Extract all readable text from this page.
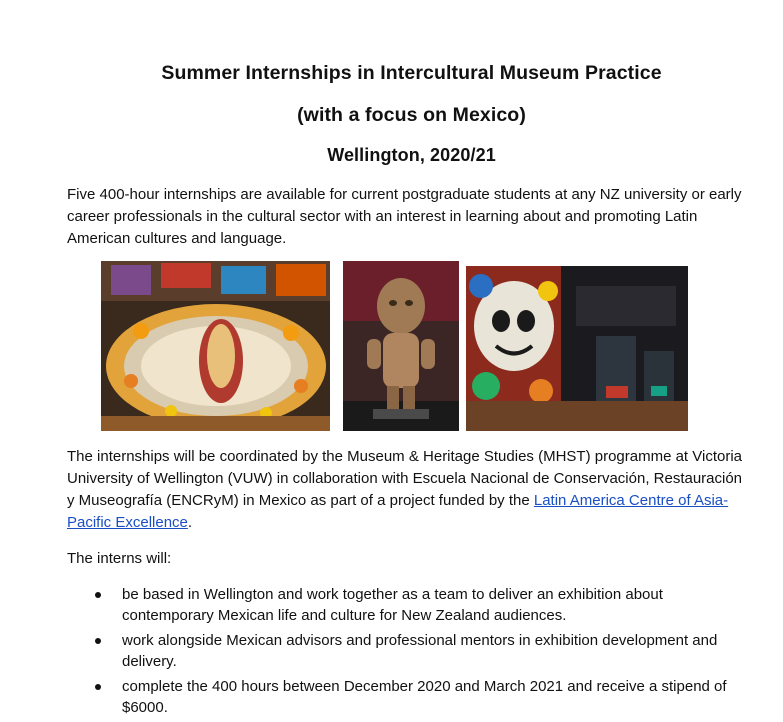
Summer Internships in Intercultural Museum Practice
(with a focus on Mexico)
Wellington, 2020/21
Five 400-hour internships are available for current postgraduate students at any NZ university or early career professionals in the cultural sector with an interest in learning about and promoting Latin American cultures and language.
The internships will be coordinated by the Museum & Heritage Studies (MHST) programme at Victoria University of Wellington (VUW) in collaboration with Escuela Nacional de Conservación, Restauración y Museografía (ENCRyM) in Mexico as part of a project funded by the Latin America Centre of Asia-Pacific Excellence.
The interns will:
be based in Wellington and work together as a team to deliver an exhibition about contemporary Mexican life and culture for New Zealand audiences.
work alongside Mexican advisors and professional mentors in exhibition development and delivery.
complete the 400 hours between December 2020 and March 2021 and receive a stipend of $6000.
